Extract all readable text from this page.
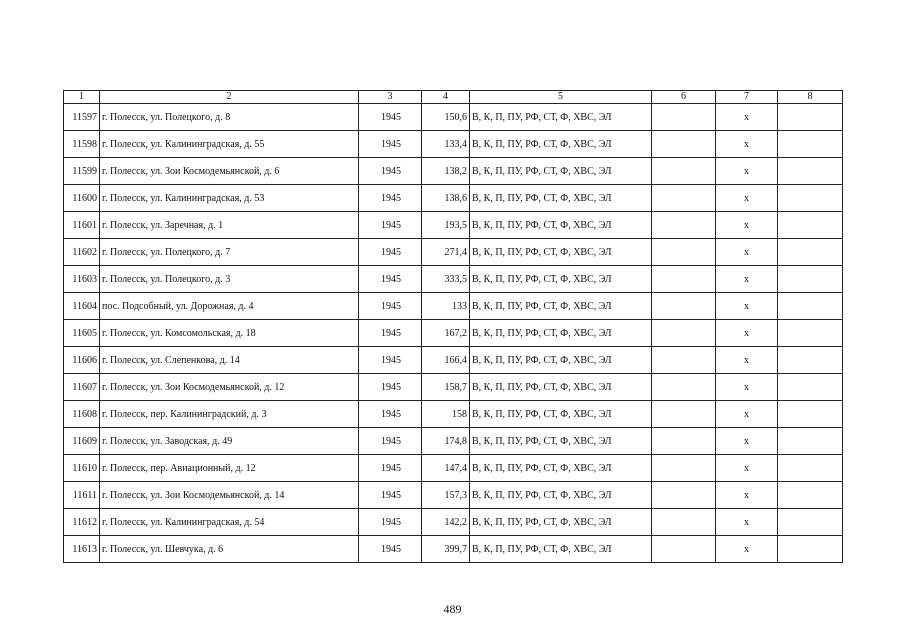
1	2	3	4	5	6	7	8
11597	г. Полесск, ул. Полецкого, д. 8	1945	150,6	В, К, П, ПУ, РФ, СТ, Ф, ХВС, ЭЛ		x	
11598	г. Полесск, ул. Калининградская, д. 55	1945	133,4	В, К, П, ПУ, РФ, СТ, Ф, ХВС, ЭЛ		x	
11599	г. Полесск, ул. Зои Космодемьянской, д. 6	1945	138,2	В, К, П, ПУ, РФ, СТ, Ф, ХВС, ЭЛ		x	
11600	г. Полесск, ул. Калининградская, д. 53	1945	138,6	В, К, П, ПУ, РФ, СТ, Ф, ХВС, ЭЛ		x	
11601	г. Полесск, ул. Заречная, д. 1	1945	193,5	В, К, П, ПУ, РФ, СТ, Ф, ХВС, ЭЛ		x	
11602	г. Полесск, ул. Полецкого, д. 7	1945	271,4	В, К, П, ПУ, РФ, СТ, Ф, ХВС, ЭЛ		x	
11603	г. Полесск, ул. Полецкого, д. 3	1945	333,5	В, К, П, ПУ, РФ, СТ, Ф, ХВС, ЭЛ		x	
11604	пос. Подсобный, ул. Дорожная, д. 4	1945	133	В, К, П, ПУ, РФ, СТ, Ф, ХВС, ЭЛ		x	
11605	г. Полесск, ул. Комсомольская, д. 18	1945	167,2	В, К, П, ПУ, РФ, СТ, Ф, ХВС, ЭЛ		x	
11606	г. Полесск, ул. Слепенкова, д. 14	1945	166,4	В, К, П, ПУ, РФ, СТ, Ф, ХВС, ЭЛ		x	
11607	г. Полесск, ул. Зои Космодемьянской, д. 12	1945	158,7	В, К, П, ПУ, РФ, СТ, Ф, ХВС, ЭЛ		x	
11608	г. Полесск, пер. Калининградский, д. 3	1945	158	В, К, П, ПУ, РФ, СТ, Ф, ХВС, ЭЛ		x	
11609	г. Полесск, ул. Заводская, д. 49	1945	174,8	В, К, П, ПУ, РФ, СТ, Ф, ХВС, ЭЛ		x	
11610	г. Полесск, пер. Авиационный, д. 12	1945	147,4	В, К, П, ПУ, РФ, СТ, Ф, ХВС, ЭЛ		x	
11611	г. Полесск, ул. Зои Космодемьянской, д. 14	1945	157,3	В, К, П, ПУ, РФ, СТ, Ф, ХВС, ЭЛ		x	
11612	г. Полесск, ул. Калининградская, д. 54	1945	142,2	В, К, П, ПУ, РФ, СТ, Ф, ХВС, ЭЛ		x	
11613	г. Полесск, ул. Шевчука, д. 6	1945	399,7	В, К, П, ПУ, РФ, СТ, Ф, ХВС, ЭЛ		x	
489
